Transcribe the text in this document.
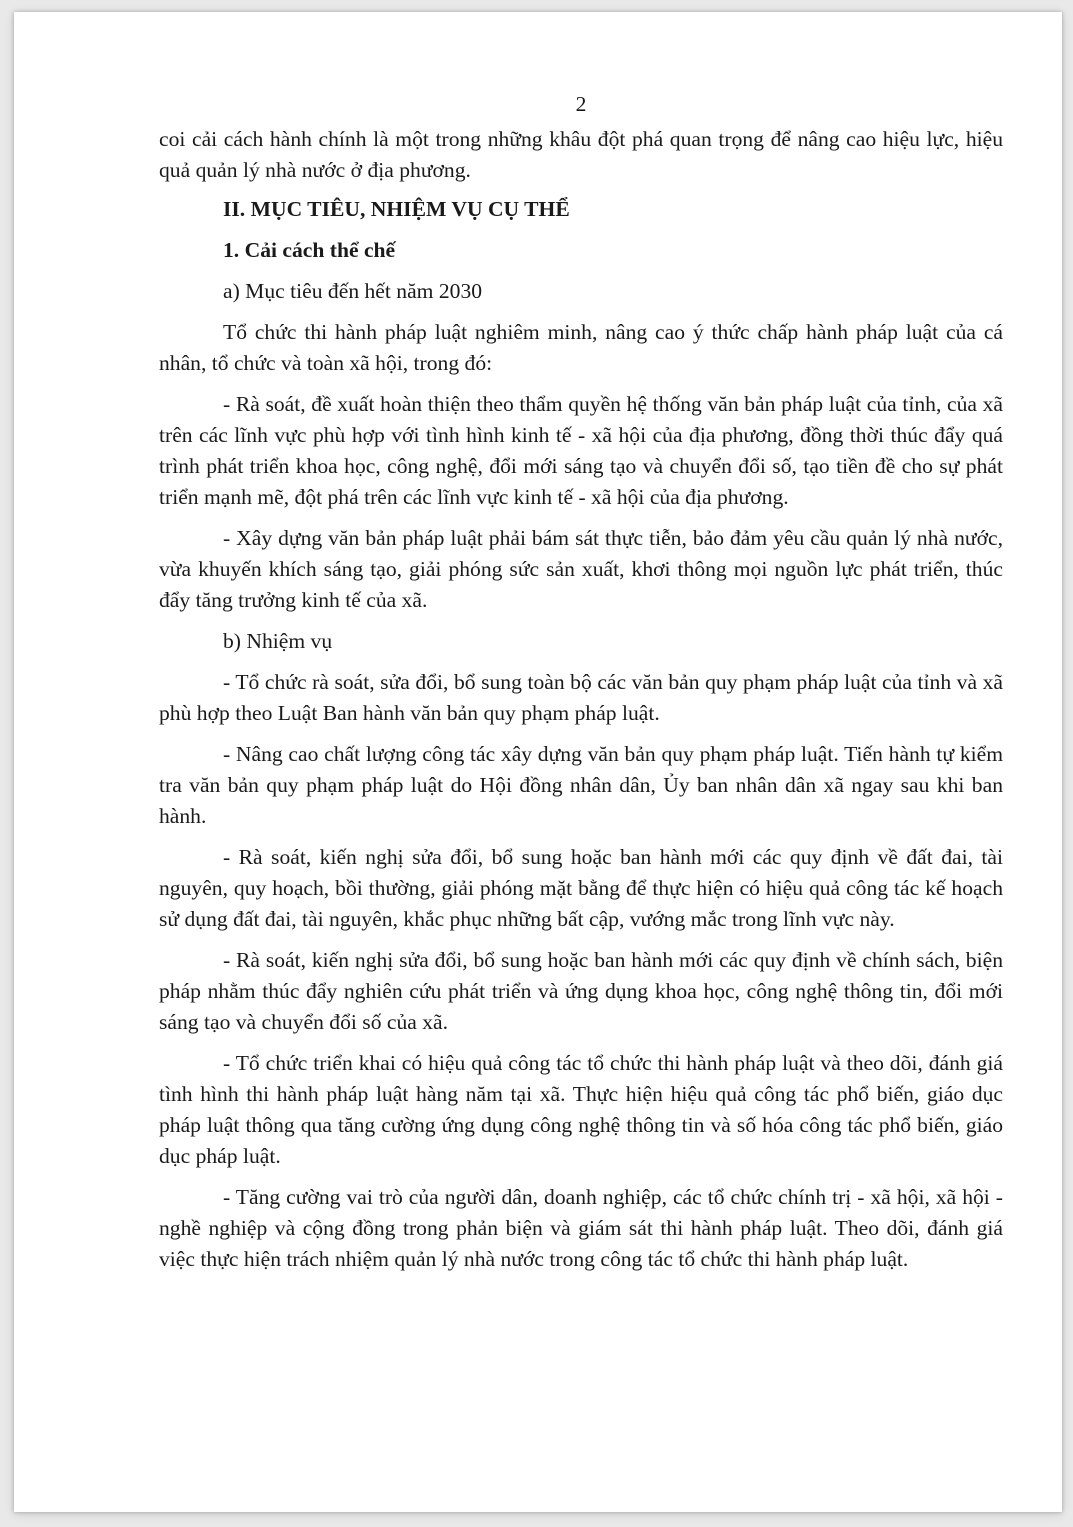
2

coi cải cách hành chính là một trong những khâu đột phá quan trọng để nâng cao hiệu lực, hiệu quả quản lý nhà nước ở địa phương.

II. MỤC TIÊU, NHIỆM VỤ CỤ THỂ
1. Cải cách thể chế
a) Mục tiêu đến hết năm 2030

Tổ chức thi hành pháp luật nghiêm minh, nâng cao ý thức chấp hành pháp luật của cá nhân, tổ chức và toàn xã hội, trong đó:

- Rà soát, đề xuất hoàn thiện theo thẩm quyền hệ thống văn bản pháp luật của tỉnh, của xã trên các lĩnh vực phù hợp với tình hình kinh tế - xã hội của địa phương, đồng thời thúc đẩy quá trình phát triển khoa học, công nghệ, đổi mới sáng tạo và chuyển đổi số, tạo tiền đề cho sự phát triển mạnh mẽ, đột phá trên các lĩnh vực kinh tế - xã hội của địa phương.

- Xây dựng văn bản pháp luật phải bám sát thực tiễn, bảo đảm yêu cầu quản lý nhà nước, vừa khuyến khích sáng tạo, giải phóng sức sản xuất, khơi thông mọi nguồn lực phát triển, thúc đẩy tăng trưởng kinh tế của xã.

b) Nhiệm vụ

- Tổ chức rà soát, sửa đổi, bổ sung toàn bộ các văn bản quy phạm pháp luật của tỉnh và xã phù hợp theo Luật Ban hành văn bản quy phạm pháp luật.

- Nâng cao chất lượng công tác xây dựng văn bản quy phạm pháp luật. Tiến hành tự kiểm tra văn bản quy phạm pháp luật do Hội đồng nhân dân, Ủy ban nhân dân xã ngay sau khi ban hành.

- Rà soát, kiến nghị sửa đổi, bổ sung hoặc ban hành mới các quy định về đất đai, tài nguyên, quy hoạch, bồi thường, giải phóng mặt bằng để thực hiện có hiệu quả công tác kế hoạch sử dụng đất đai, tài nguyên, khắc phục những bất cập, vướng mắc trong lĩnh vực này.

- Rà soát, kiến nghị sửa đổi, bổ sung hoặc ban hành mới các quy định về chính sách, biện pháp nhằm thúc đẩy nghiên cứu phát triển và ứng dụng khoa học, công nghệ thông tin, đổi mới sáng tạo và chuyển đổi số của xã.

- Tổ chức triển khai có hiệu quả công tác tổ chức thi hành pháp luật và theo dõi, đánh giá tình hình thi hành pháp luật hàng năm tại xã. Thực hiện hiệu quả công tác phổ biến, giáo dục pháp luật thông qua tăng cường ứng dụng công nghệ thông tin và số hóa công tác phổ biến, giáo dục pháp luật.

- Tăng cường vai trò của người dân, doanh nghiệp, các tổ chức chính trị - xã hội, xã hội - nghề nghiệp và cộng đồng trong phản biện và giám sát thi hành pháp luật. Theo dõi, đánh giá việc thực hiện trách nhiệm quản lý nhà nước trong công tác tổ chức thi hành pháp luật.
